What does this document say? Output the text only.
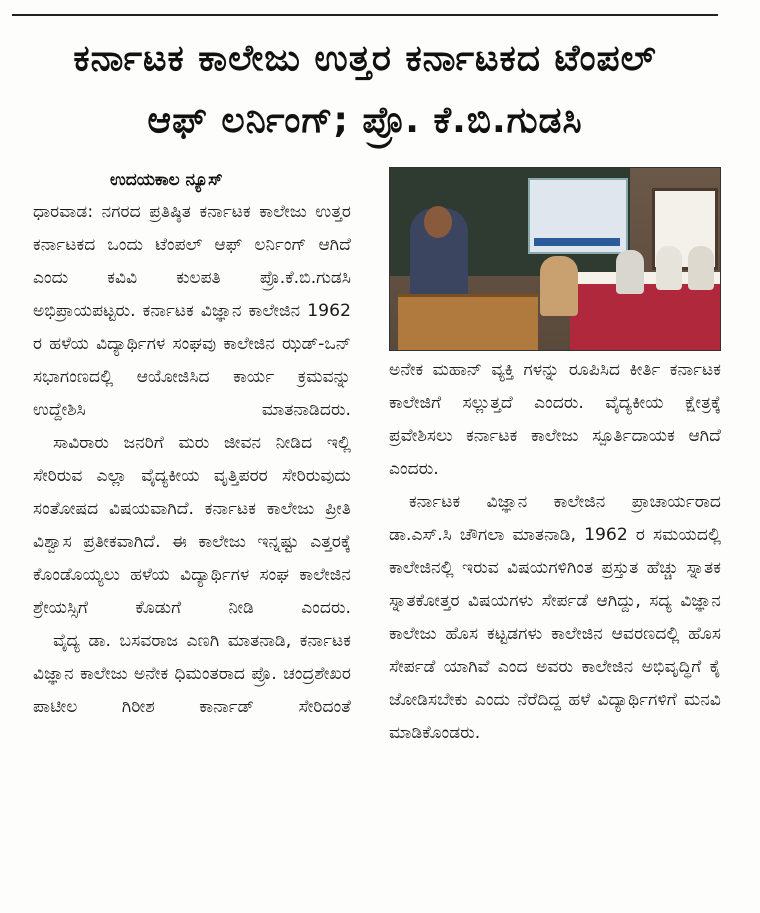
ಕರ್ನಾಟಕ ಕಾಲೇಜು ಉತ್ತರ ಕರ್ನಾಟಕದ ಟೆಂಪಲ್
ಆಫ್ ಲರ್ನಿಂಗ್; ಪ್ರೊ. ಕೆ.ಬಿ.ಗುಡಸಿ
ಉದಯಕಾಲ ನ್ಯೂಸ್

ಧಾರವಾಡ: ನಗರದ ಪ್ರತಿಷ್ಠಿತ ಕರ್ನಾಟಕ ಕಾಲೇಜು ಉತ್ತರ ಕರ್ನಾಟಕದ ಒಂದು ಟೆಂಪಲ್ ಆಫ್ ಲರ್ನಿಂಗ್ ಆಗಿದೆ ಎಂದು ಕವಿವಿ ಕುಲಪತಿ ಪ್ರೊ.ಕೆ.ಬಿ.ಗುಡಸಿ ಅಭಿಪ್ರಾಯಪಟ್ಟರು. ಕರ್ನಾಟಕ ವಿಜ್ಞಾನ ಕಾಲೇಜಿನ 1962 ರ ಹಳೆಯ ವಿದ್ಯಾರ್ಥಿಗಳ ಸಂಘವು ಕಾಲೇಜಿನ ಝಡ್-ಒನ್ ಸಭಾಗಂಣದಲ್ಲಿ ಆಯೋಜಿಸಿದ ಕಾರ್ಯ ಕ್ರಮವನ್ನು ಉದ್ದೇಶಿಸಿ ಮಾತನಾಡಿದರು.

ಸಾವಿರಾರು ಜನರಿಗೆ ಮರು ಜೀವನ ನೀಡಿದ ಇಲ್ಲಿ ಸೇರಿರುವ ಎಲ್ಲಾ ವೈದ್ಯಕೀಯ ವೃತ್ತಿಪರರ ಸೇರಿರುವುದು ಸಂತೋಷದ ವಿಷಯವಾಗಿದೆ. ಕರ್ನಾಟಕ ಕಾಲೇಜು ಪ್ರೀತಿ ವಿಶ್ವಾಸ ಪ್ರತೀಕವಾಗಿದೆ. ಈ ಕಾಲೇಜು ಇನ್ನಷ್ಟು ಎತ್ತರಕ್ಕೆ ಕೊಂಡೊಯ್ಯಲು ಹಳೆಯ ವಿದ್ಯಾರ್ಥಿಗಳ ಸಂಘ ಕಾಲೇಜಿನ ಶ್ರೇಯಸ್ಸಿಗೆ ಕೊಡುಗೆ ನೀಡಿ ಎಂದರು.

ವೈದ್ಯ ಡಾ. ಬಸವರಾಜ ಎಣಗಿ ಮಾತನಾಡಿ, ಕರ್ನಾಟಕ ವಿಜ್ಞಾನ ಕಾಲೇಜು ಅನೇಕ ಧಿಮಂತರಾದ ಪ್ರೊ. ಚಂದ್ರಶೇಖರ ಪಾಟೀಲ ಗಿರೀಶ ಕಾರ್ನಾಡ್ ಸೇರಿದಂತೆ

ಅನೇಕ ಮಹಾನ್ ವ್ಯಕ್ತಿ ಗಳನ್ನು ರೂಪಿಸಿದ ಕೀರ್ತಿ ಕರ್ನಾಟಕ ಕಾಲೇಜಿಗೆ ಸಲ್ಲುತ್ತದೆ ಎಂದರು. ವೈದ್ಯಕೀಯ ಕ್ಷೇತ್ರಕ್ಕೆ ಪ್ರವೇಶಿಸಲು ಕರ್ನಾಟಕ ಕಾಲೇಜು ಸ್ಪೂರ್ತಿದಾಯಕ ಆಗಿದೆ ಎಂದರು.

ಕರ್ನಾಟಕ ವಿಜ್ಞಾನ ಕಾಲೇಜಿನ ಪ್ರಾಚಾರ್ಯರಾದ ಡಾ.ಎಸ್.ಸಿ ಚೌಗಲಾ ಮಾತನಾಡಿ, 1962 ರ ಸಮಯದಲ್ಲಿ ಕಾಲೇಜಿನಲ್ಲಿ ಇರುವ ವಿಷಯಗಳಿಗಿಂತ ಪ್ರಸ್ತುತ ಹೆಚ್ಚು ಸ್ನಾತಕ ಸ್ನಾತಕೋತ್ತರ ವಿಷಯಗಳು ಸೇರ್ಪಡೆ ಆಗಿದ್ದು, ಸದ್ಯ ವಿಜ್ಞಾನ ಕಾಲೇಜು ಹೊಸ ಕಟ್ಟಡಗಳು ಕಾಲೇಜಿನ ಆವರಣದಲ್ಲಿ ಹೊಸ ಸೇರ್ಪಡೆ ಯಾಗಿವೆ ಎಂದ ಅವರು ಕಾಲೇಜಿನ ಅಭಿವೃದ್ಧಿಗೆ ಕೈ ಜೋಡಿಸಬೇಕು ಎಂದು ನೆರೆದಿದ್ದ ಹಳೆ ವಿದ್ಯಾರ್ಥಿಗಳಿಗೆ ಮನವಿ ಮಾಡಿಕೊಂಡರು.
